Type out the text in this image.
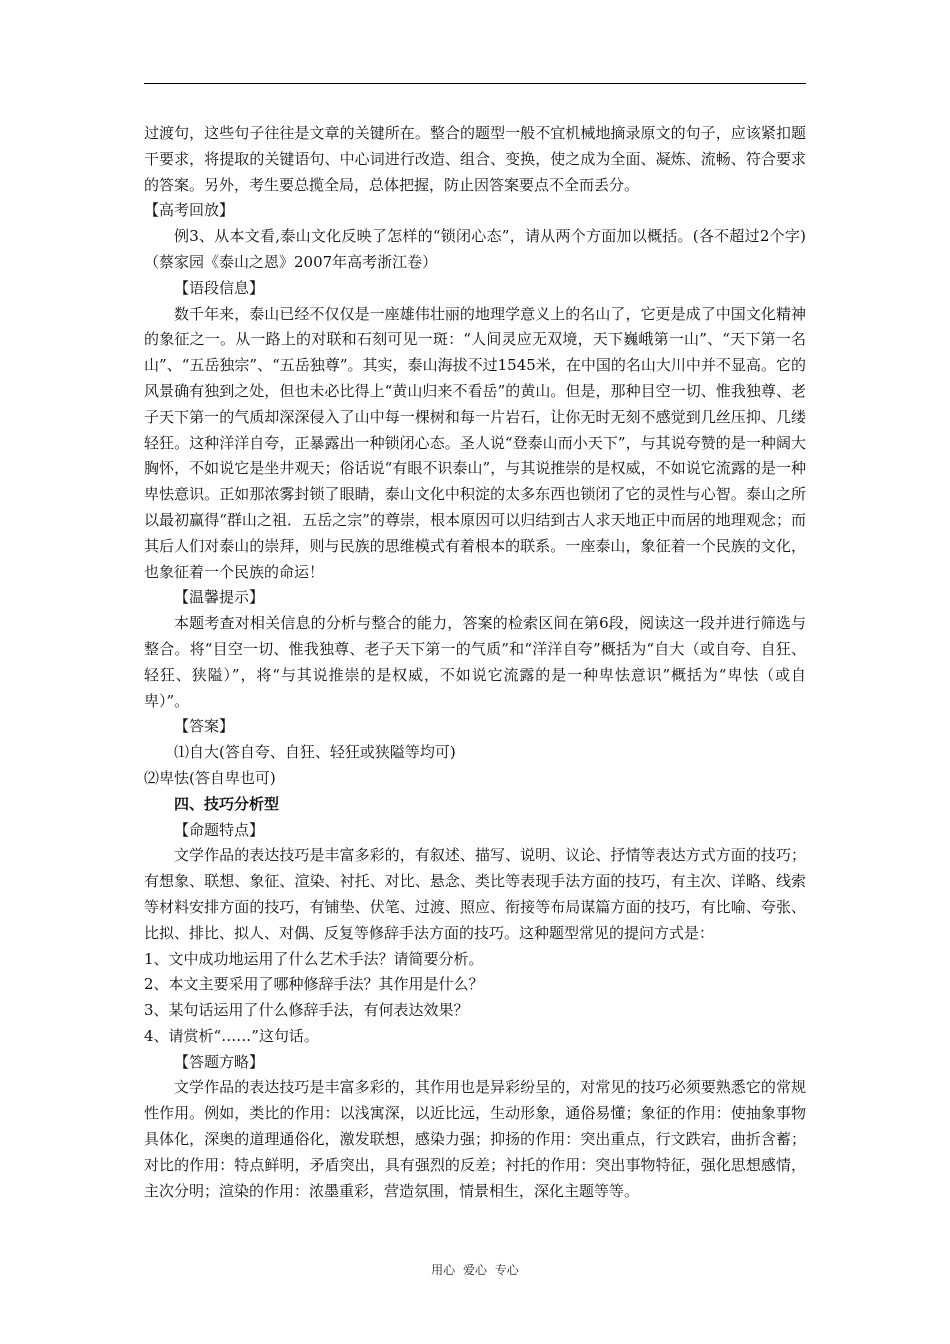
过渡句，这些句子往往是文章的关键所在。整合的题型一般不宜机械地摘录原文的句子，应该紧扣题干要求，将提取的关键语句、中心词进行改造、组合、变换，使之成为全面、凝炼、流畅、符合要求的答案。另外，考生要总揽全局，总体把握，防止因答案要点不全而丢分。

【高考回放】

例3、从本文看,泰山文化反映了怎样的“锁闭心态”，请从两个方面加以概括。(各不超过2个字)（蔡家园《泰山之恩》2007年高考浙江卷）

【语段信息】

数千年来，泰山已经不仅仅是一座雄伟壮丽的地理学意义上的名山了，它更是成了中国文化精神的象征之一。从一路上的对联和石刻可见一斑：“人间灵应无双境，天下巍峨第一山”、“天下第一名山”、“五岳独宗”、“五岳独尊”。其实，泰山海拔不过1545米，在中国的名山大川中并不显高。它的风景确有独到之处，但也未必比得上“黄山归来不看岳”的黄山。但是，那种目空一切、惟我独尊、老子天下第一的气质却深深侵入了山中每一棵树和每一片岩石，让你无时无刻不感觉到几丝压抑、几缕轻狂。这种洋洋自夸，正暴露出一种锁闭心态。圣人说“登泰山而小天下”，与其说夸赞的是一种阔大胸怀，不如说它是坐井观天；俗话说“有眼不识泰山”，与其说推崇的是权威，不如说它流露的是一种卑怯意识。正如那浓雾封锁了眼睛，泰山文化中积淀的太多东西也锁闭了它的灵性与心智。泰山之所以最初赢得“群山之祖．五岳之宗”的尊崇，根本原因可以归结到古人求天地正中而居的地理观念；而其后人们对泰山的崇拜，则与民族的思维模式有着根本的联系。一座泰山，象征着一个民族的文化，也象征着一个民族的命运！

【温馨提示】

本题考查对相关信息的分析与整合的能力，答案的检索区间在第6段，阅读这一段并进行筛选与整合。将“目空一切、惟我独尊、老子天下第一的气质”和“洋洋自夸”概括为“自大（或自夸、自狂、轻狂、狭隘）”，将“与其说推崇的是权威，不如说它流露的是一种卑怯意识”概括为“卑怯（或自卑）”。

【答案】

⑴自大(答自夸、自狂、轻狂或狭隘等均可)

⑵卑怯(答自卑也可)

四、技巧分析型

【命题特点】

文学作品的表达技巧是丰富多彩的，有叙述、描写、说明、议论、抒情等表达方式方面的技巧；有想象、联想、象征、渲染、衬托、对比、悬念、类比等表现手法方面的技巧，有主次、详略、线索等材料安排方面的技巧，有铺垫、伏笔、过渡、照应、衔接等布局谋篇方面的技巧，有比喻、夸张、比拟、排比、拟人、对偶、反复等修辞手法方面的技巧。这种题型常见的提问方式是：

1、文中成功地运用了什么艺术手法？请简要分析。

2、本文主要采用了哪种修辞手法？其作用是什么？

3、某句话运用了什么修辞手法，有何表达效果？

4、请赏析“……”这句话。

【答题方略】

文学作品的表达技巧是丰富多彩的，其作用也是异彩纷呈的，对常见的技巧必须要熟悉它的常规性作用。例如，类比的作用：以浅寓深，以近比远，生动形象，通俗易懂；象征的作用：使抽象事物具体化，深奥的道理通俗化，激发联想，感染力强；抑扬的作用：突出重点，行文跌宕，曲折含蓄；对比的作用：特点鲜明，矛盾突出，具有强烈的反差；衬托的作用：突出事物特征，强化思想感情，主次分明；渲染的作用：浓墨重彩，营造氛围，情景相生，深化主题等等。

用心 爱心 专心
